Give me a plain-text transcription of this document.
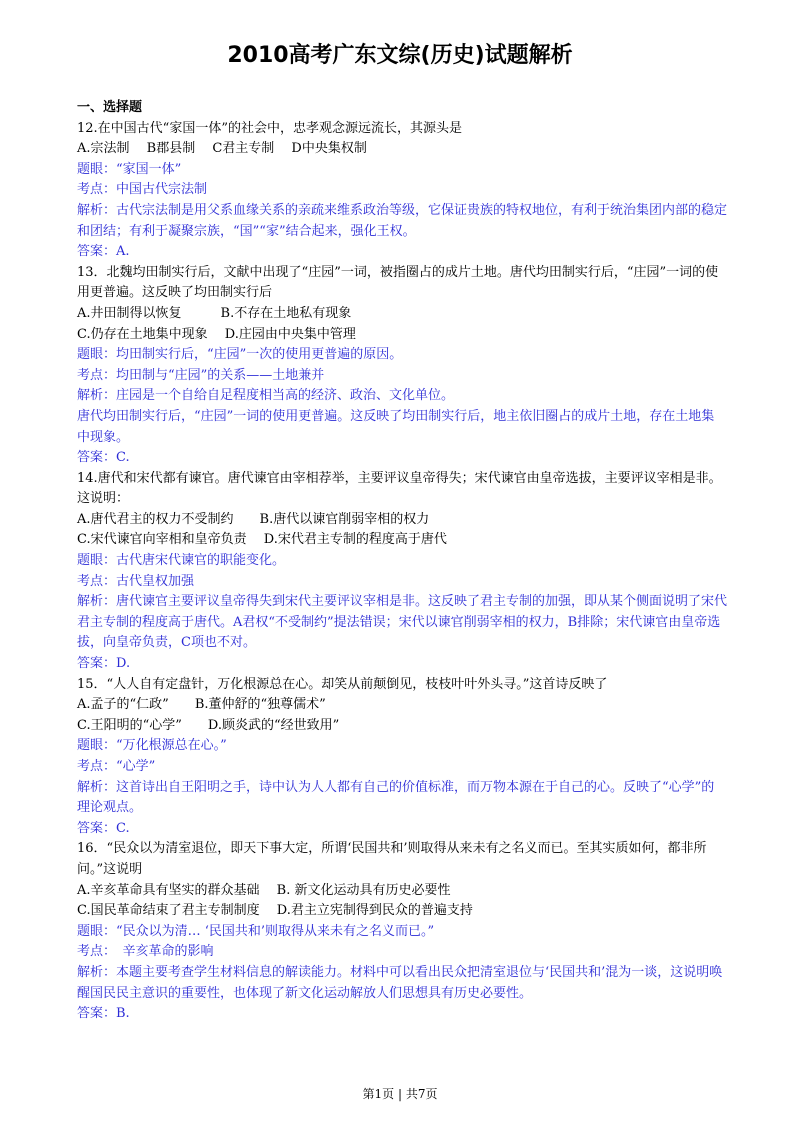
2010高考广东文综(历史)试题解析
一、选择题
12.在中国古代“家国一体”的社会中，忠孝观念源远流长，其源头是
A.宗法制　 B郡县制　 C君主专制　 D中央集权制
题眼：“家国一体”
考点：中国古代宗法制
解析：古代宗法制是用父系血缘关系的亲疏来维系政治等级，它保证贵族的特权地位，有利于统治集团内部的稳定和团结；有利于凝聚宗族，“国”“家”结合起来，强化王权。
答案：A.
13．北魏均田制实行后，文献中出现了“庄园”一词，被指圈占的成片土地。唐代均田制实行后，“庄园”一词的使用更普遍。这反映了均田制实行后
A.井田制得以恢复　　　B.不存在土地私有现象
C.仍存在土地集中现象　 D.庄园由中央集中管理
题眼：均田制实行后，“庄园”一次的使用更普遍的原因。
考点：均田制与“庄园”的关系——土地兼并
解析：庄园是一个自给自足程度相当高的经济、政治、文化单位。
唐代均田制实行后，“庄园”一词的使用更普遍。这反映了均田制实行后，地主依旧圈占的成片土地，存在土地集中现象。
答案：C.
14.唐代和宋代都有谏官。唐代谏官由宰相荐举，主要评议皇帝得失；宋代谏官由皇帝选拔，主要评议宰相是非。这说明：
A.唐代君主的权力不受制约　　B.唐代以谏官削弱宰相的权力
C.宋代谏官向宰相和皇帝负责　 D.宋代君主专制的程度高于唐代
题眼：古代唐宋代谏官的职能变化。
考点：古代皇权加强
解析：唐代谏官主要评议皇帝得失到宋代主要评议宰相是非。这反映了君主专制的加强，即从某个侧面说明了宋代君主专制的程度高于唐代。A君权“不受制约”提法错误；宋代以谏官削弱宰相的权力，B排除；宋代谏官由皇帝选拔，向皇帝负责，C项也不对。
答案：D.
15．“人人自有定盘针，万化根源总在心。却笑从前颠倒见，枝枝叶叶外头寻。”这首诗反映了
A.孟子的“仁政”　　B.董仲舒的“独尊儒术”
C.王阳明的“心学”　　D.顾炎武的“经世致用”
题眼：“万化根源总在心。”
考点：“心学”
解析：这首诗出自王阳明之手，诗中认为人人都有自己的价值标准，而万物本源在于自己的心。反映了“心学”的理论观点。
答案：C.
16．“民众以为清室退位，即天下事大定，所谓‘民国共和’则取得从来未有之名义而已。至其实质如何，都非所问。”这说明
A.辛亥革命具有坚实的群众基础　 B. 新文化运动具有历史必要性
C.国民革命结束了君主专制制度　 D.君主立宪制得到民众的普遍支持
题眼：“民众以为清… ‘民国共和’则取得从来未有之名义而已。”
考点：　辛亥革命的影响
解析：本题主要考查学生材料信息的解读能力。材料中可以看出民众把清室退位与‘民国共和’混为一谈，这说明唤醒国民民主意识的重要性，也体现了新文化运动解放人们思想具有历史必要性。
答案：B.
第1页 | 共7页
